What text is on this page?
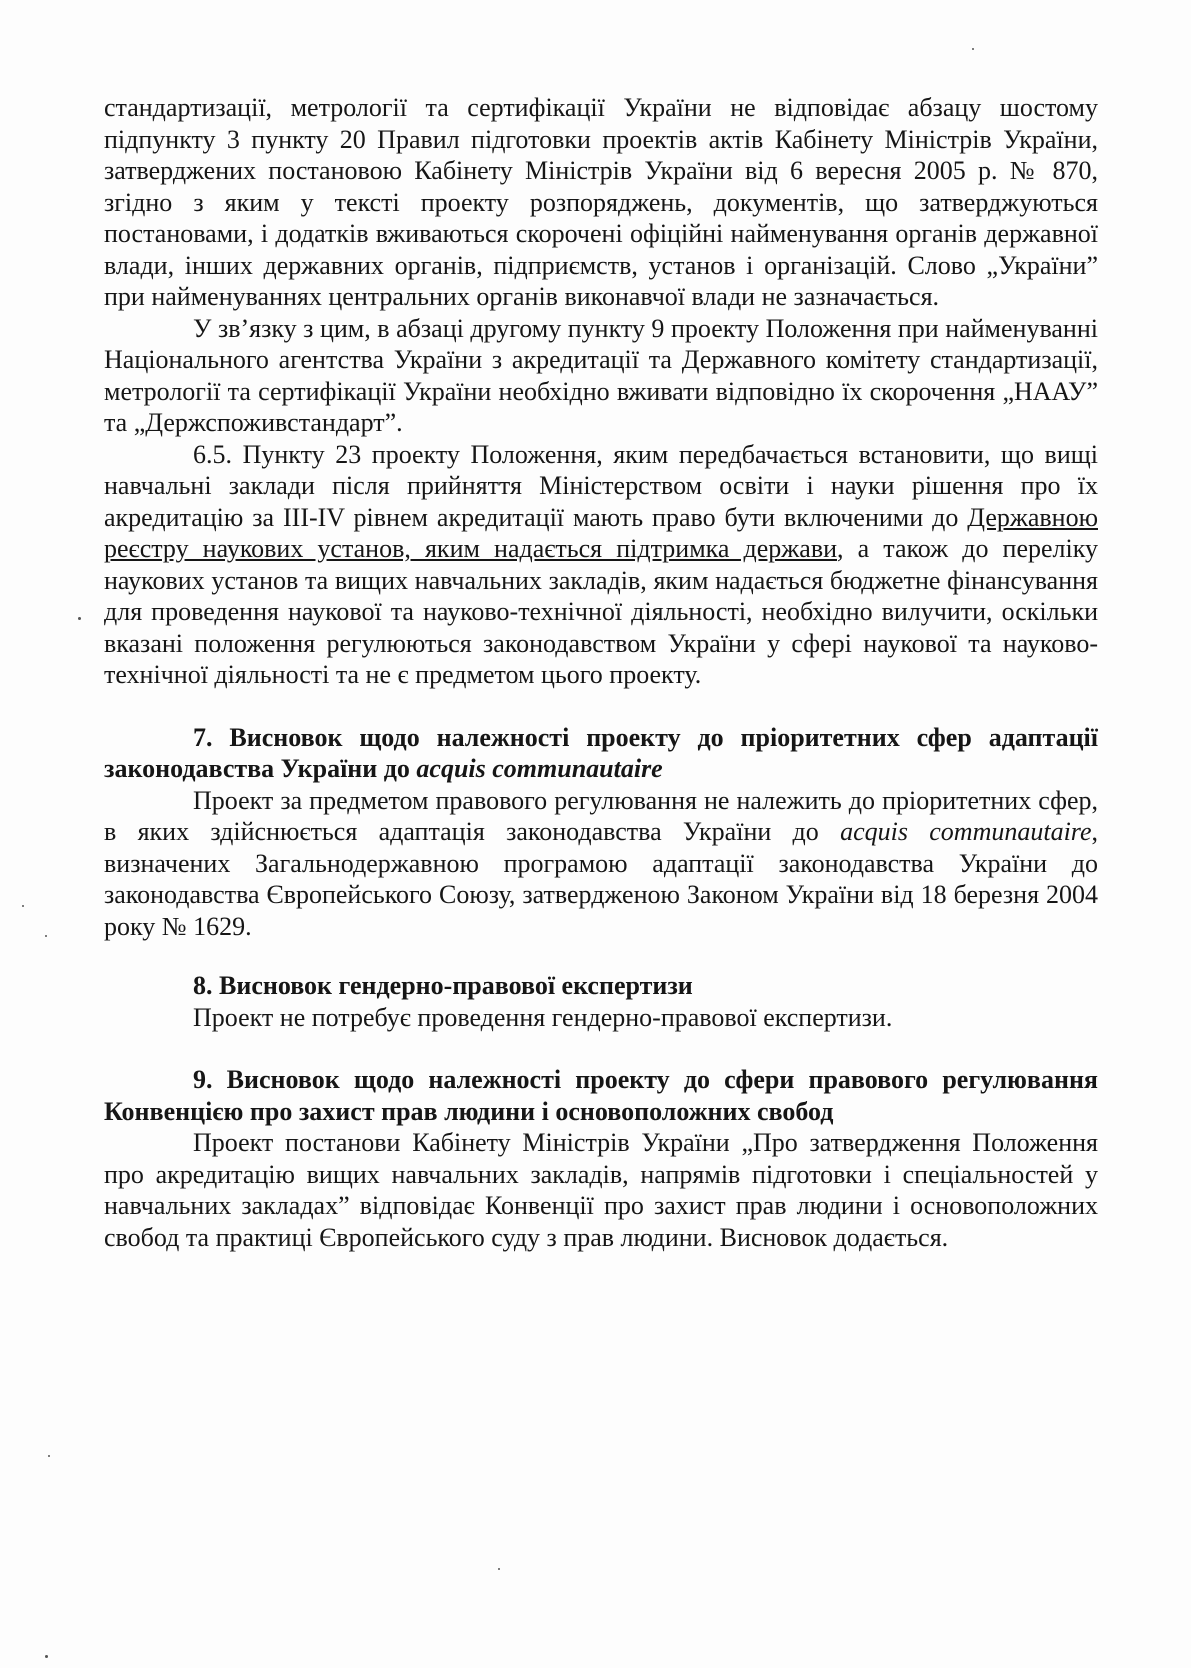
стандартизації, метрології та сертифікації України не відповідає абзацу шостому підпункту 3 пункту 20 Правил підготовки проектів актів Кабінету Міністрів України, затверджених постановою Кабінету Міністрів України від 6 вересня 2005 р. № 870, згідно з яким у тексті проекту розпоряджень, документів, що затверджуються постановами, і додатків вживаються скорочені офіційні найменування органів державної влади, інших державних органів, підприємств, установ і організацій. Слово „України” при найменуваннях центральних органів виконавчої влади не зазначається.

У зв’язку з цим, в абзаці другому пункту 9 проекту Положення при найменуванні Національного агентства України з акредитації та Державного комітету стандартизації, метрології та сертифікації України необхідно вживати відповідно їх скорочення „НААУ” та „Держспоживстандарт”.

6.5. Пункту 23 проекту Положення, яким передбачається встановити, що вищі навчальні заклади після прийняття Міністерством освіти і науки рішення про їх акредитацію за ІІІ-IV рівнем акредитації мають право бути включеними до Державною реєстру наукових установ, яким надається підтримка держави, а також до переліку наукових установ та вищих навчальних закладів, яким надається бюджетне фінансування для проведення наукової та науково-технічної діяльності, необхідно вилучити, оскільки вказані положення регулюються законодавством України у сфері наукової та науково-технічної діяльності та не є предметом цього проекту.

7. Висновок щодо належності проекту до пріоритетних сфер адаптації законодавства України до acquis communautaire

Проект за предметом правового регулювання не належить до пріоритетних сфер, в яких здійснюється адаптація законодавства України до acquis communautaire, визначених Загальнодержавною програмою адаптації законодавства України до законодавства Європейського Союзу, затвердженою Законом України від 18 березня 2004 року № 1629.

8. Висновок гендерно-правової експертизи

Проект не потребує проведення гендерно-правової експертизи.

9. Висновок щодо належності проекту до сфери правового регулювання Конвенцією про захист прав людини і основоположних свобод

Проект постанови Кабінету Міністрів України „Про затвердження Положення про акредитацію вищих навчальних закладів, напрямів підготовки і спеціальностей у навчальних закладах” відповідає Конвенції про захист прав людини і основоположних свобод та практиці Європейського суду з прав людини. Висновок додається.
